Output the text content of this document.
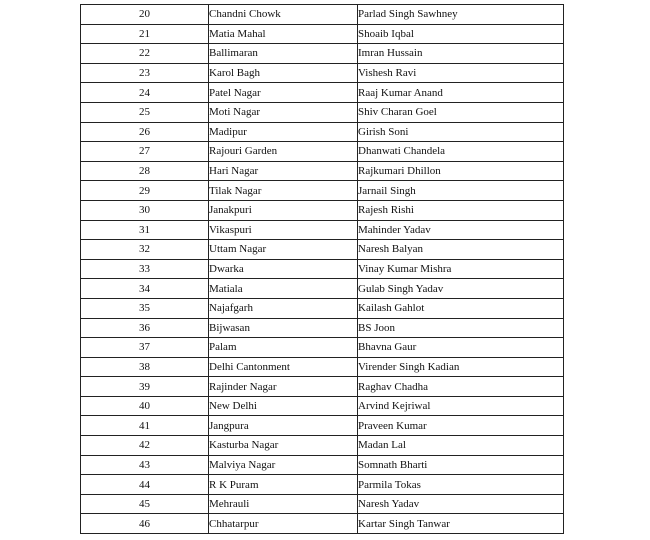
20	Chandni Chowk	Parlad Singh Sawhney
21	Matia Mahal	Shoaib Iqbal
22	Ballimaran	Imran Hussain
23	Karol Bagh	Vishesh Ravi
24	Patel Nagar	Raaj Kumar Anand
25	Moti Nagar	Shiv Charan Goel
26	Madipur	Girish Soni
27	Rajouri Garden	Dhanwati Chandela
28	Hari Nagar	Rajkumari Dhillon
29	Tilak Nagar	Jarnail Singh
30	Janakpuri	Rajesh Rishi
31	Vikaspuri	Mahinder Yadav
32	Uttam Nagar	Naresh Balyan
33	Dwarka	Vinay Kumar Mishra
34	Matiala	Gulab Singh Yadav
35	Najafgarh	Kailash Gahlot
36	Bijwasan	BS Joon
37	Palam	Bhavna Gaur
38	Delhi Cantonment	Virender Singh Kadian
39	Rajinder Nagar	Raghav Chadha
40	New Delhi	Arvind Kejriwal
41	Jangpura	Praveen Kumar
42	Kasturba Nagar	Madan Lal
43	Malviya Nagar	Somnath Bharti
44	R K Puram	Parmila Tokas
45	Mehrauli	Naresh Yadav
46	Chhatarpur	Kartar Singh Tanwar
